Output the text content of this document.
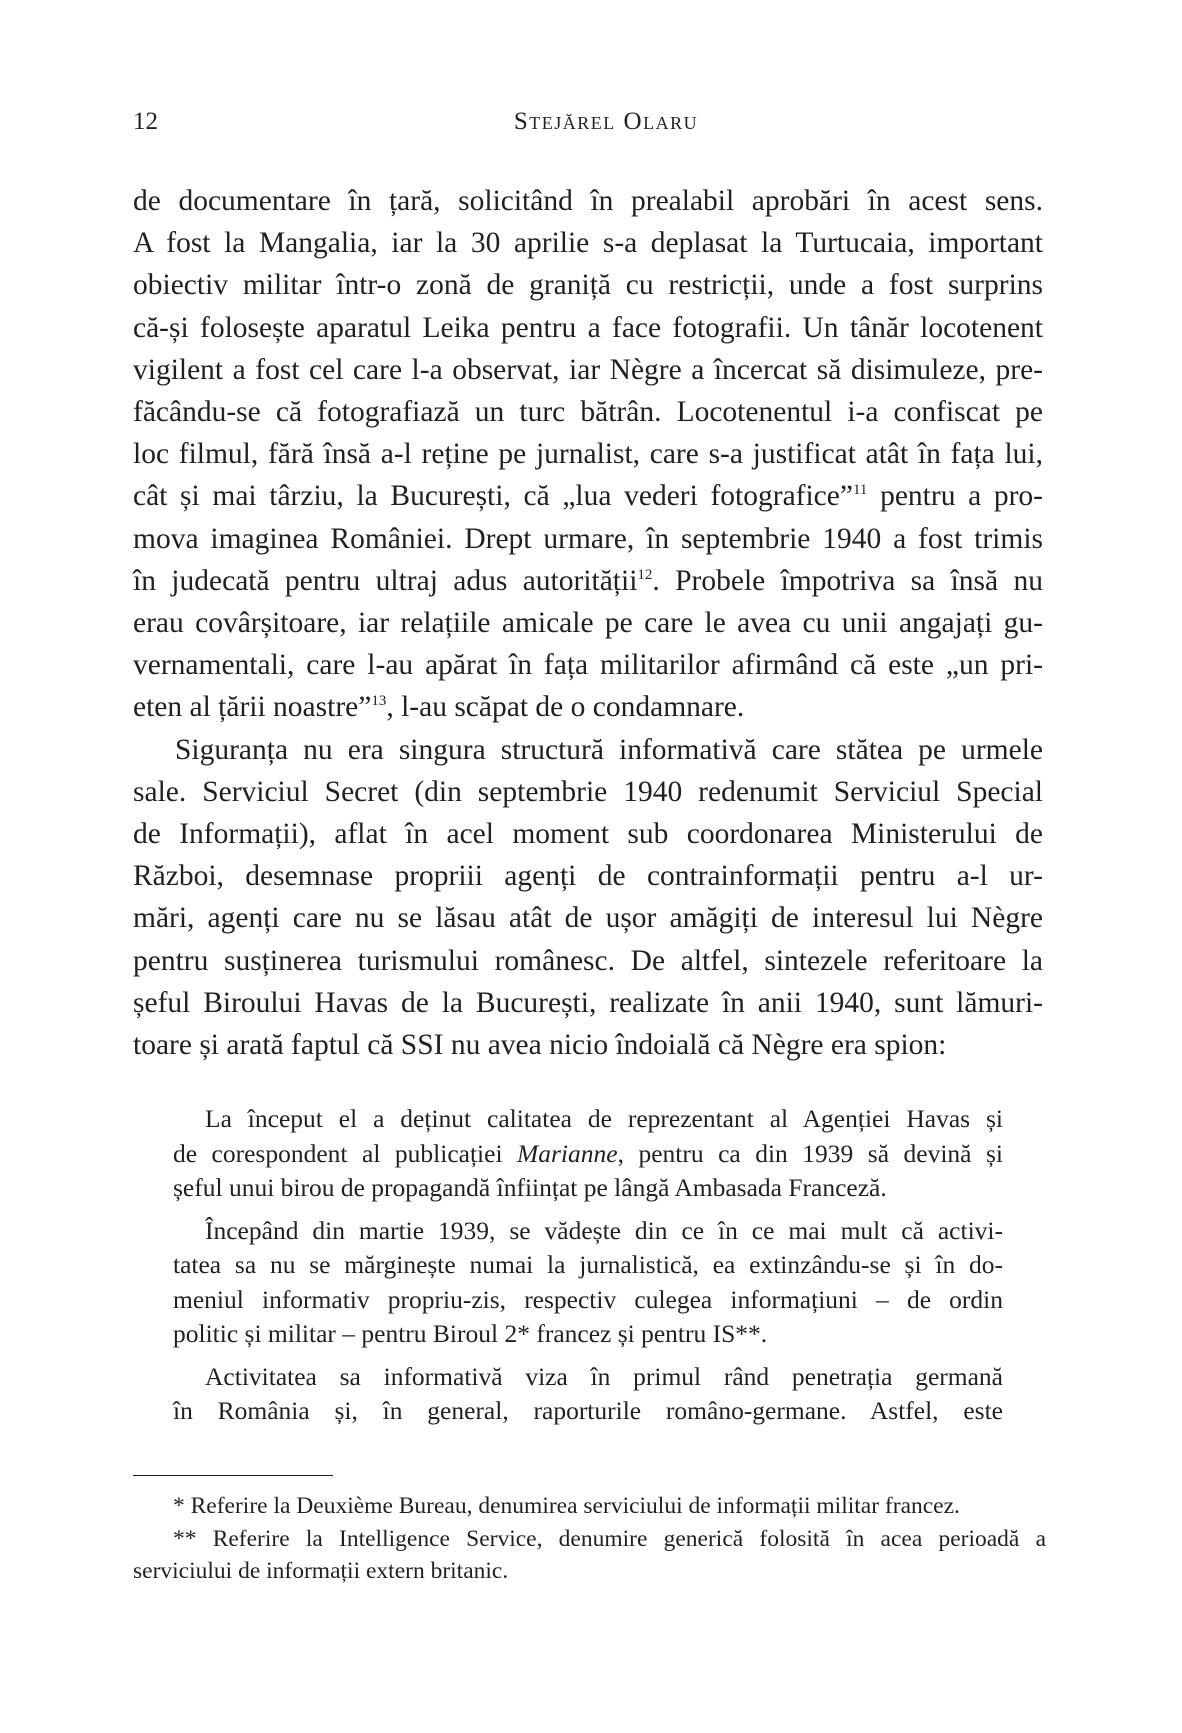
12	Stejărel Olaru

de documentare în țară, solicitând în prealabil aprobări în acest sens.
A fost la Mangalia, iar la 30 aprilie s-a deplasat la Turtucaia, important
obiectiv militar într-o zonă de graniță cu restricții, unde a fost surprins
că-și folosește aparatul Leika pentru a face fotografii. Un tânăr locotenent
vigilent a fost cel care l-a observat, iar Nègre a încercat să disimuleze, pre-
făcându-se că fotografiază un turc bătrân. Locotenentul i-a confiscat pe
loc filmul, fără însă a-l reține pe jurnalist, care s-a justificat atât în fața lui,
cât și mai târziu, la București, că „lua vederi fotografice”$^{11}$ pentru a pro-
mova imaginea României. Drept urmare, în septembrie 1940 a fost trimis
în judecată pentru ultraj adus autorității$^{12}$. Probele împotriva sa însă nu
erau covârșitoare, iar relațiile amicale pe care le avea cu unii angajați gu-
vernamentali, care l-au apărat în fața militarilor afirmând că este „un pri-
eten al țării noastre”$^{13}$, l-au scăpat de o condamnare.

Siguranța nu era singura structură informativă care stătea pe urmele
sale. Serviciul Secret (din septembrie 1940 redenumit Serviciul Special
de Informații), aflat în acel moment sub coordonarea Ministerului de
Război, desemnase propriii agenți de contrainformații pentru a-l ur-
mări, agenți care nu se lăsau atât de ușor amăgiți de interesul lui Nègre
pentru susținerea turismului românesc. De altfel, sintezele referitoare la
șeful Biroului Havas de la București, realizate în anii 1940, sunt lămuri-
toare și arată faptul că SSI nu avea nicio îndoială că Nègre era spion:

La început el a deținut calitatea de reprezentant al Agenției Havas și
de corespondent al publicației Marianne, pentru ca din 1939 să devină și
șeful unui birou de propagandă înființat pe lângă Ambasada Franceză.

Începând din martie 1939, se vădește din ce în ce mai mult că activi-
tatea sa nu se mărginește numai la jurnalistică, ea extinzându-se și în do-
meniul informativ propriu-zis, respectiv culegea informațiuni – de ordin
politic și militar – pentru Biroul 2* francez și pentru IS**.

Activitatea sa informativă viza în primul rând penetrația germană
în România și, în general, raporturile româno-germane. Astfel, este

* Referire la Deuxième Bureau, denumirea serviciului de informații militar francez.
** Referire la Intelligence Service, denumire generică folosită în acea perioadă a
serviciului de informații extern britanic.
